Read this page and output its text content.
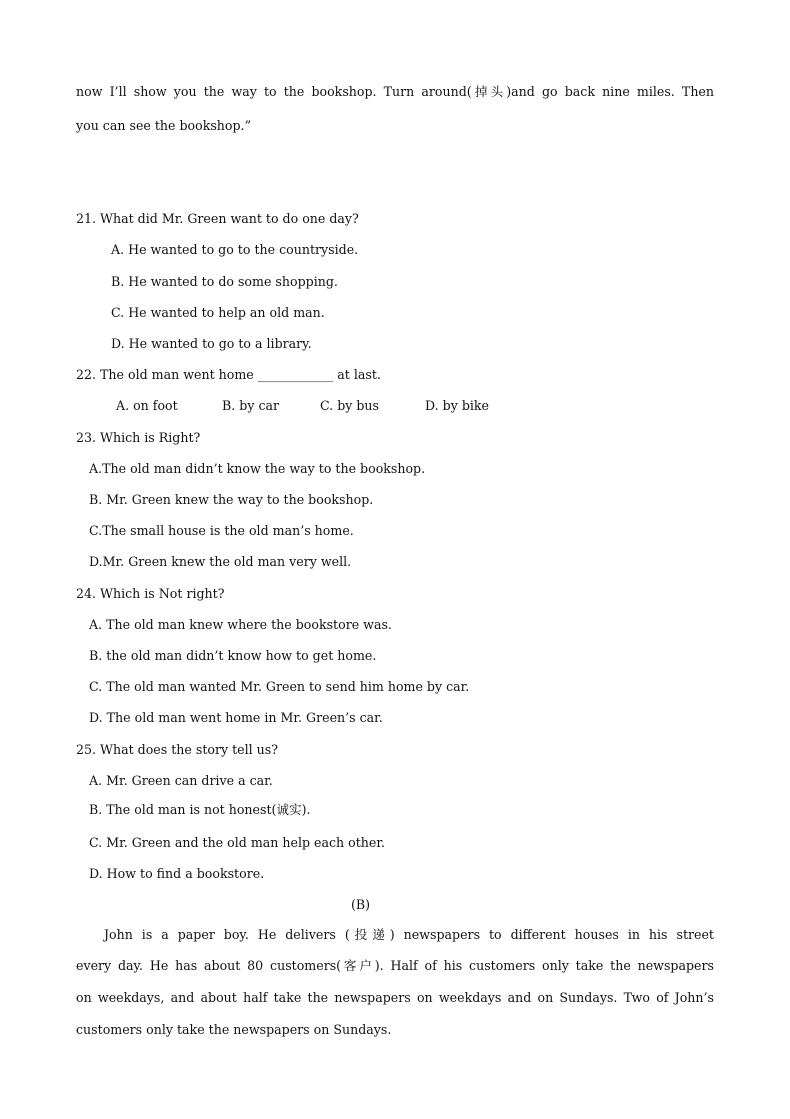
now I’ll show you the way to the bookshop. Turn around(掉头)and go back nine miles. Then
you can see the bookshop.”
21. What did Mr. Green want to do one day?
A. He wanted to go to the countryside.
B. He wanted to do some shopping.
C. He wanted to help an old man.
D. He wanted to go to a library.
22. The old man went home ____________ at last.
A. on foot	B. by car	C. by bus	D. by bike
23. Which is Right?
A.The old man didn’t know the way to the bookshop.
B. Mr. Green knew the way to the bookshop.
C.The small house is the old man’s home.
D.Mr. Green knew the old man very well.
24. Which is Not right?
A. The old man knew where the bookstore was.
B. the old man didn’t know how to get home.
C. The old man wanted Mr. Green to send him home by car.
D. The old man went home in Mr. Green’s car.
25. What does the story tell us?
A. Mr. Green can drive a car.
B. The old man is not honest(诚实).
C. Mr. Green and the old man help each other.
D. How to find a bookstore.
(B)
John is a paper boy. He delivers (投递) newspapers to different houses in his street
every day. He has about 80 customers(客户). Half of his customers only take the newspapers
on weekdays, and about half take the newspapers on weekdays and on Sundays. Two of John’s
customers only take the newspapers on Sundays.
